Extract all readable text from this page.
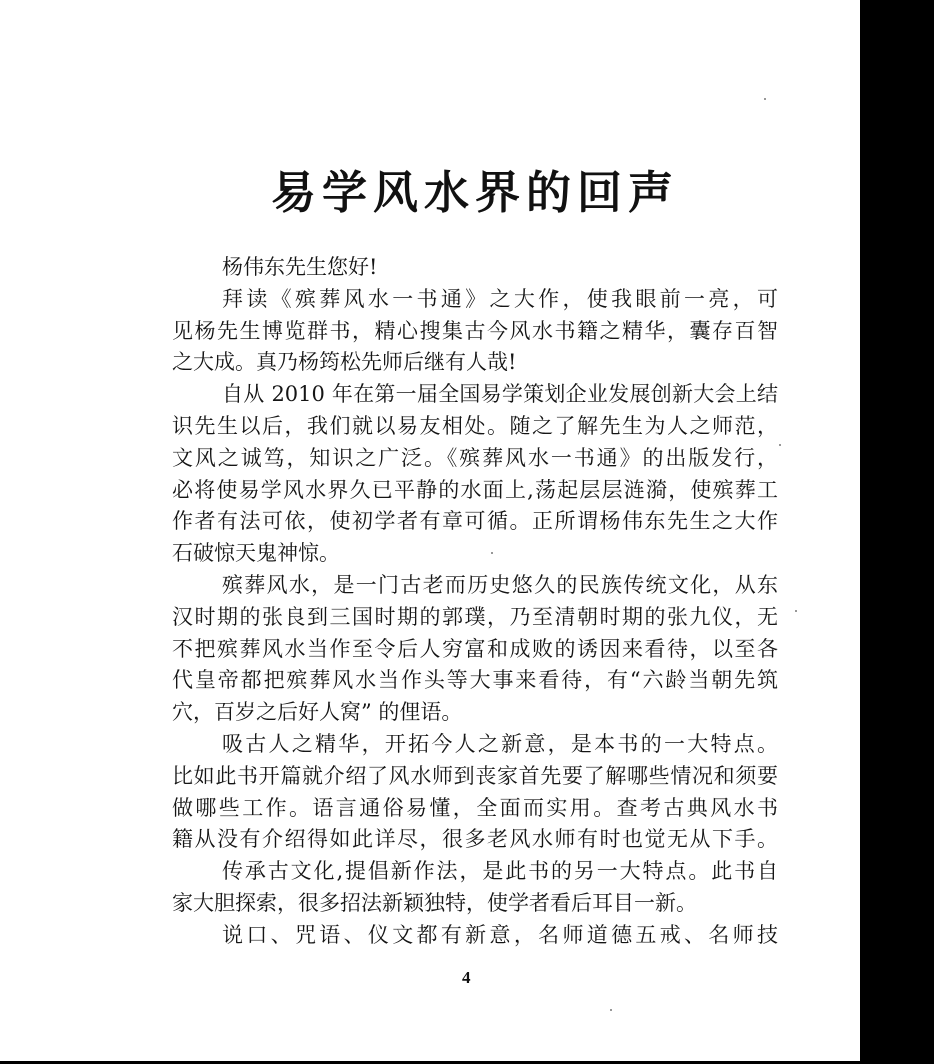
易学风水界的回声
杨伟东先生您好!
拜读《殡葬风水一书通》之大作，使我眼前一亮，可
见杨先生博览群书，精心搜集古今风水书籍之精华，囊存百智
之大成。真乃杨筠松先师后继有人哉!
自从 2010 年在第一届全国易学策划企业发展创新大会上结
识先生以后，我们就以易友相处。随之了解先生为人之师范，
文风之诚笃，知识之广泛。《殡葬风水一书通》的出版发行，
必将使易学风水界久已平静的水面上,荡起层层涟漪，使殡葬工
作者有法可依，使初学者有章可循。正所谓杨伟东先生之大作
石破惊天鬼神惊。
殡葬风水，是一门古老而历史悠久的民族传统文化，从东
汉时期的张良到三国时期的郭璞，乃至清朝时期的张九仪，无
不把殡葬风水当作至令后人穷富和成败的诱因来看待，以至各
代皇帝都把殡葬风水当作头等大事来看待，有“六龄当朝先筑
穴，百岁之后好人窝” 的俚语。
吸古人之精华，开拓今人之新意，是本书的一大特点。
比如此书开篇就介绍了风水师到丧家首先要了解哪些情况和须要
做哪些工作。语言通俗易懂，全面而实用。查考古典风水书
籍从没有介绍得如此详尽，很多老风水师有时也觉无从下手。
传承古文化,提倡新作法，是此书的另一大特点。此书自
家大胆探索，很多招法新颖独特，使学者看后耳目一新。
说口、咒语、仪文都有新意，名师道德五戒、名师技
4
